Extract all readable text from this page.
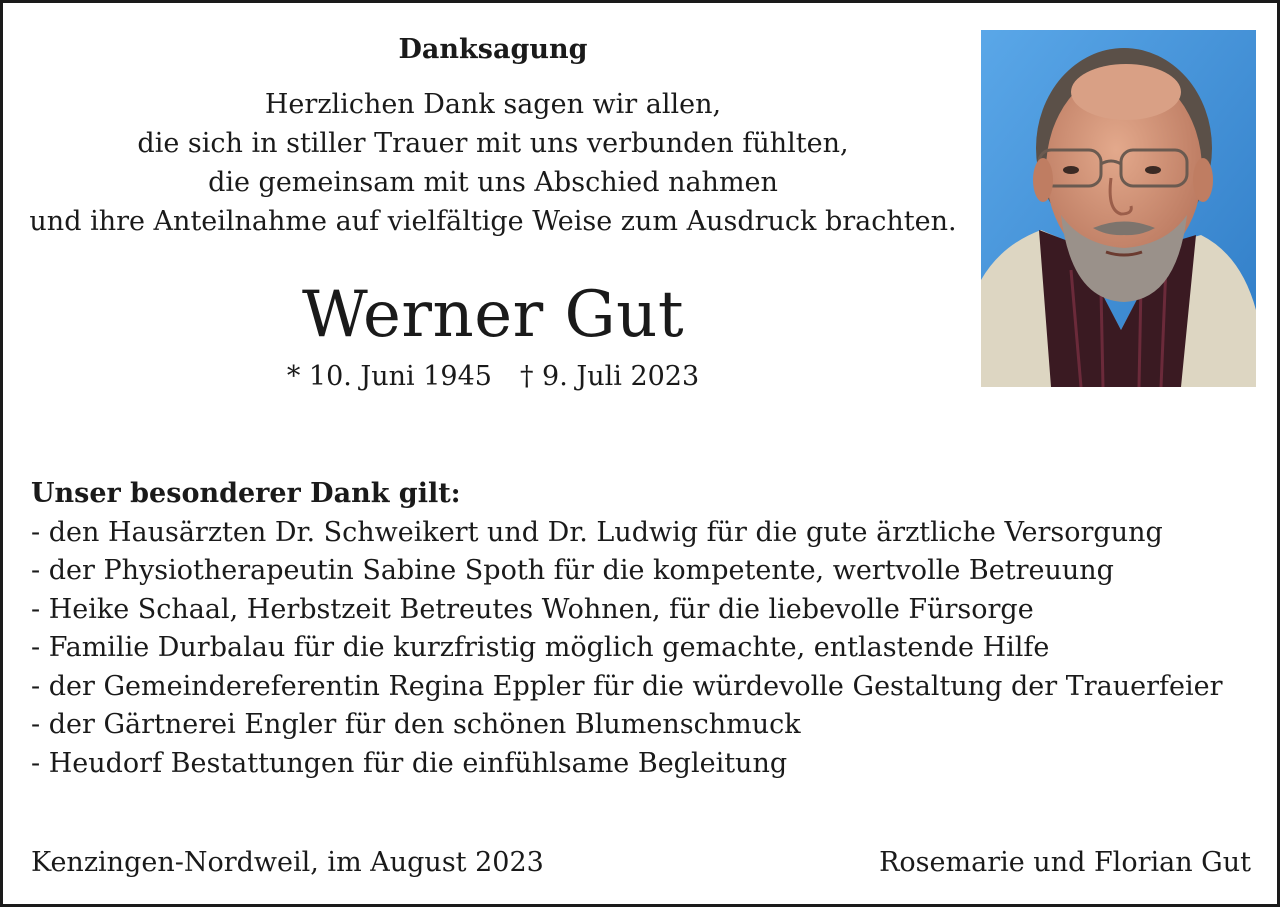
Danksagung
Herzlichen Dank sagen wir allen,
die sich in stiller Trauer mit uns verbunden fühlten,
die gemeinsam mit uns Abschied nahmen
und ihre Anteilnahme auf vielfältige Weise zum Ausdruck brachten.
Werner Gut
* 10. Juni 1945 † 9. Juli 2023
Unser besonderer Dank gilt:
- den Hausärzten Dr. Schweikert und Dr. Ludwig für die gute ärztliche Versorgung
- der Physiotherapeutin Sabine Spoth für die kompetente, wertvolle Betreuung
- Heike Schaal, Herbstzeit Betreutes Wohnen, für die liebevolle Fürsorge
- Familie Durbalau für die kurzfristig möglich gemachte, entlastende Hilfe
- der Gemeindereferentin Regina Eppler für die würdevolle Gestaltung der Trauerfeier
- der Gärtnerei Engler für den schönen Blumenschmuck
- Heudorf Bestattungen für die einfühlsame Begleitung
Kenzingen-Nordweil, im August 2023	Rosemarie und Florian Gut
